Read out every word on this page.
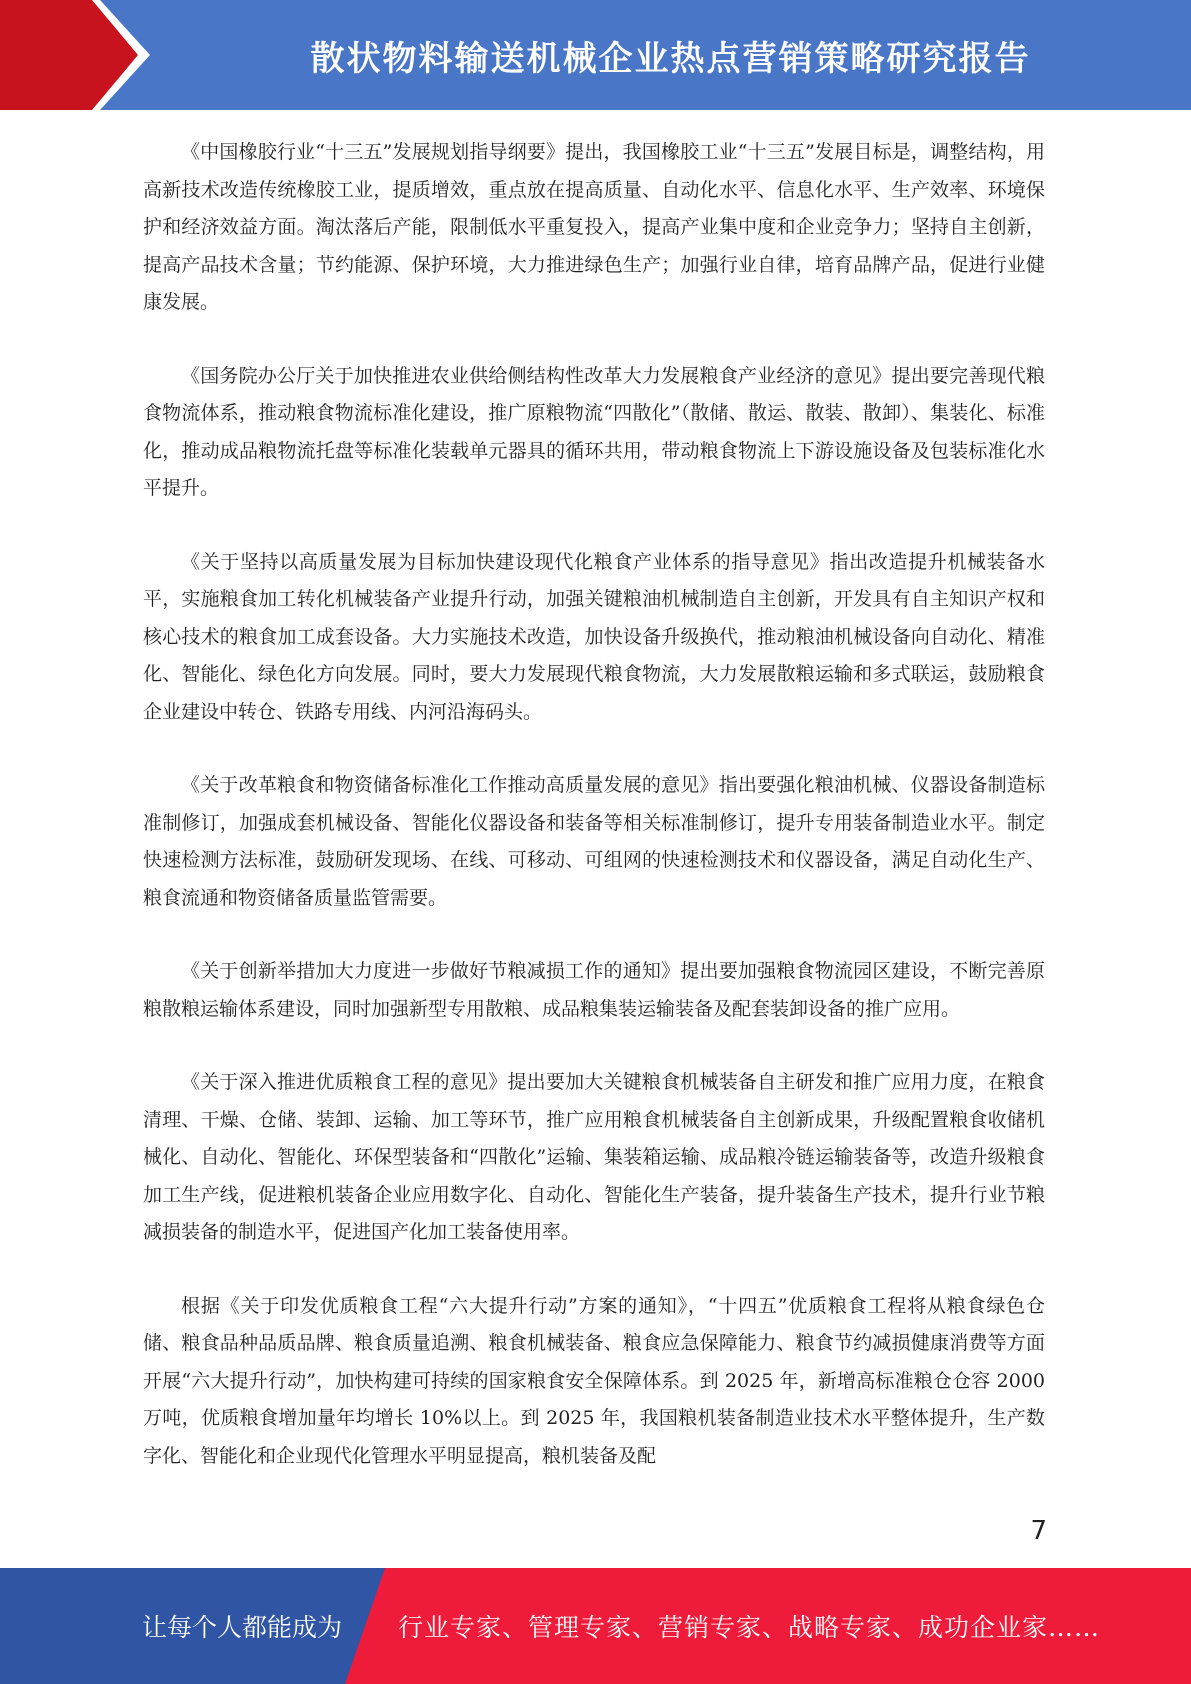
散状物料输送机械企业热点营销策略研究报告

《中国橡胶行业“十三五”发展规划指导纲要》提出，我国橡胶工业“十三五”发展目标是，调整结构，用高新技术改造传统橡胶工业，提质增效，重点放在提高质量、自动化水平、信息化水平、生产效率、环境保护和经济效益方面。淘汰落后产能，限制低水平重复投入，提高产业集中度和企业竞争力；坚持自主创新，提高产品技术含量；节约能源、保护环境，大力推进绿色生产；加强行业自律，培育品牌产品，促进行业健康发展。

《国务院办公厅关于加快推进农业供给侧结构性改革大力发展粮食产业经济的意见》提出要完善现代粮食物流体系，推动粮食物流标准化建设，推广原粮物流“四散化”（散储、散运、散装、散卸）、集装化、标准化，推动成品粮物流托盘等标准化装载单元器具的循环共用，带动粮食物流上下游设施设备及包装标准化水平提升。

《关于坚持以高质量发展为目标加快建设现代化粮食产业体系的指导意见》指出改造提升机械装备水平，实施粮食加工转化机械装备产业提升行动，加强关键粮油机械制造自主创新，开发具有自主知识产权和核心技术的粮食加工成套设备。大力实施技术改造，加快设备升级换代，推动粮油机械设备向自动化、精准化、智能化、绿色化方向发展。同时，要大力发展现代粮食物流，大力发展散粮运输和多式联运，鼓励粮食企业建设中转仓、铁路专用线、内河沿海码头。

《关于改革粮食和物资储备标准化工作推动高质量发展的意见》指出要强化粮油机械、仪器设备制造标准制修订，加强成套机械设备、智能化仪器设备和装备等相关标准制修订，提升专用装备制造业水平。制定快速检测方法标准，鼓励研发现场、在线、可移动、可组网的快速检测技术和仪器设备，满足自动化生产、粮食流通和物资储备质量监管需要。

《关于创新举措加大力度进一步做好节粮减损工作的通知》提出要加强粮食物流园区建设，不断完善原粮散粮运输体系建设，同时加强新型专用散粮、成品粮集装运输装备及配套装卸设备的推广应用。

《关于深入推进优质粮食工程的意见》提出要加大关键粮食机械装备自主研发和推广应用力度，在粮食清理、干燥、仓储、装卸、运输、加工等环节，推广应用粮食机械装备自主创新成果，升级配置粮食收储机械化、自动化、智能化、环保型装备和“四散化”运输、集装箱运输、成品粮冷链运输装备等，改造升级粮食加工生产线，促进粮机装备企业应用数字化、自动化、智能化生产装备，提升装备生产技术，提升行业节粮减损装备的制造水平，促进国产化加工装备使用率。

根据《关于印发优质粮食工程“六大提升行动”方案的通知》，“十四五”优质粮食工程将从粮食绿色仓储、粮食品种品质品牌、粮食质量追溯、粮食机械装备、粮食应急保障能力、粮食节约减损健康消费等方面开展“六大提升行动”，加快构建可持续的国家粮食安全保障体系。到 2025 年，新增高标准粮仓仓容 2000 万吨，优质粮食增加量年均增长 10%以上。到 2025 年，我国粮机装备制造业技术水平整体提升，生产数字化、智能化和企业现代化管理水平明显提高，粮机装备及配

7
让每个人都能成为 行业专家、管理专家、营销专家、战略专家、成功企业家……
